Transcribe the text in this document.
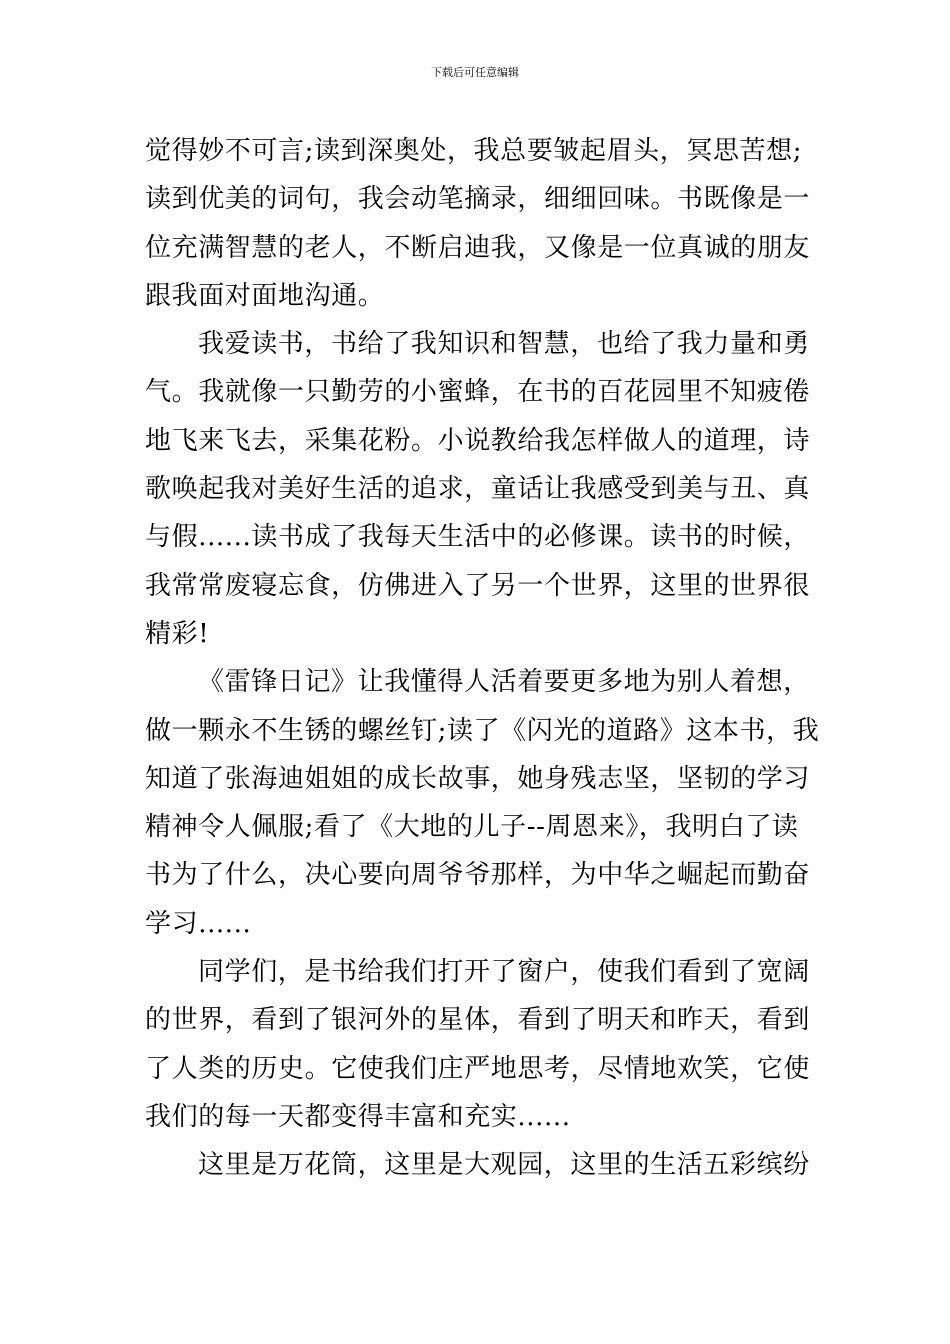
下载后可任意编辑
觉得妙不可言;读到深奥处，我总要皱起眉头，冥思苦想;
读到优美的词句，我会动笔摘录，细细回味。书既像是一
位充满智慧的老人，不断启迪我，又像是一位真诚的朋友
跟我面对面地沟通。
我爱读书，书给了我知识和智慧，也给了我力量和勇
气。我就像一只勤劳的小蜜蜂，在书的百花园里不知疲倦
地飞来飞去，采集花粉。小说教给我怎样做人的道理，诗
歌唤起我对美好生活的追求，童话让我感受到美与丑、真
与假......读书成了我每天生活中的必修课。读书的时候，
我常常废寝忘食，仿佛进入了另一个世界，这里的世界很
精彩!
《雷锋日记》让我懂得人活着要更多地为别人着想，
做一颗永不生锈的螺丝钉;读了《闪光的道路》这本书，我
知道了张海迪姐姐的成长故事，她身残志坚，坚韧的学习
精神令人佩服;看了《大地的儿子--周恩来》，我明白了读
书为了什么，决心要向周爷爷那样，为中华之崛起而勤奋
学习......
同学们，是书给我们打开了窗户，使我们看到了宽阔
的世界，看到了银河外的星体，看到了明天和昨天，看到
了人类的历史。它使我们庄严地思考，尽情地欢笑，它使
我们的每一天都变得丰富和充实......
这里是万花筒，这里是大观园，这里的生活五彩缤纷
